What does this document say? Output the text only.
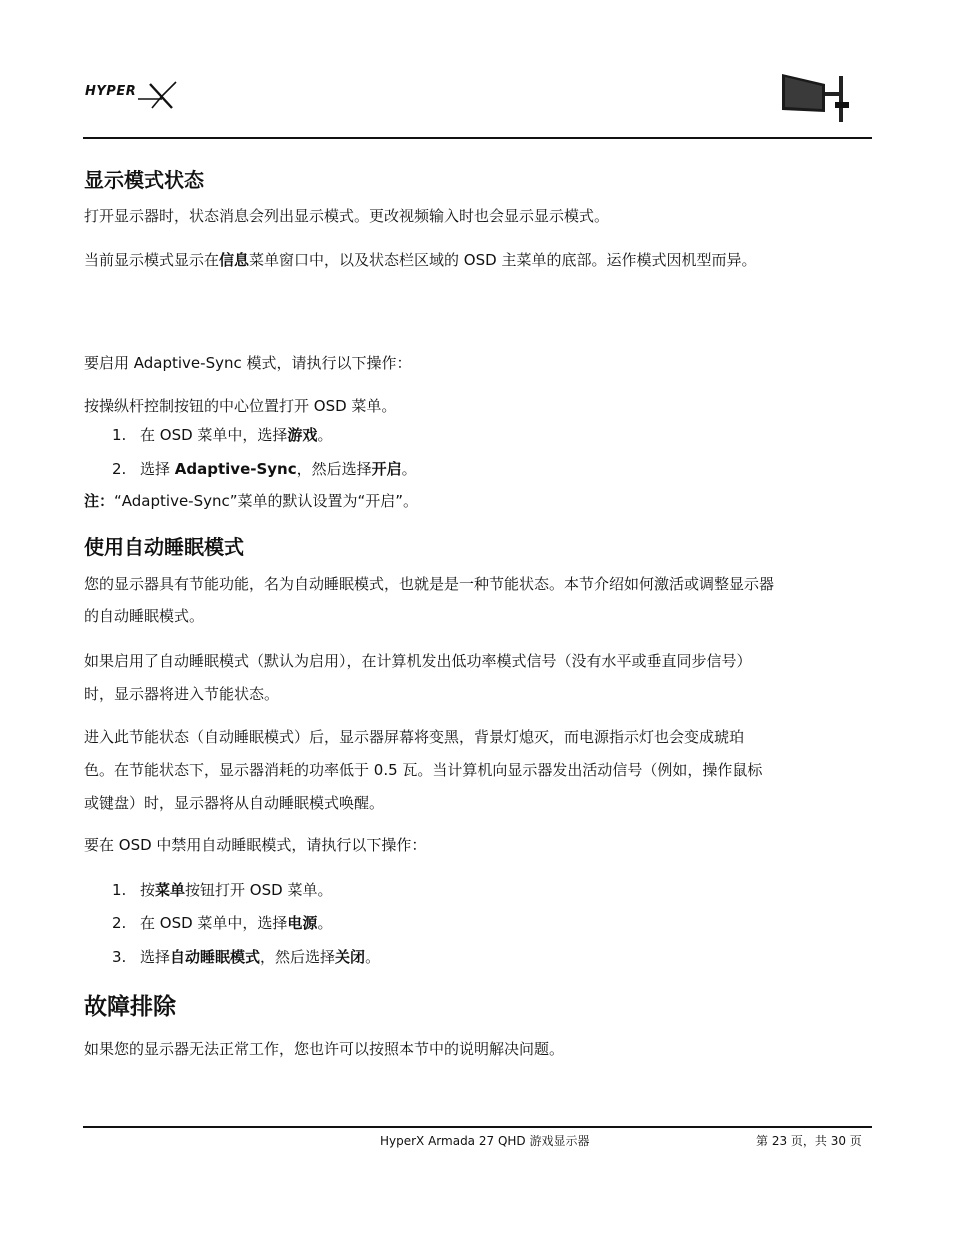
HYPER
显示模式状态
打开显示器时，状态消息会列出显示模式。更改视频输入时也会显示显示模式。
当前显示模式显示在信息菜单窗口中，以及状态栏区域的 OSD 主菜单的底部。运作模式因机型而异。
要启用 Adaptive-Sync 模式，请执行以下操作：
按操纵杆控制按钮的中心位置打开 OSD 菜单。
1. 在 OSD 菜单中，选择游戏。
2. 选择 Adaptive-Sync，然后选择开启。
注：“Adaptive-Sync”菜单的默认设置为“开启”。
使用自动睡眠模式
您的显示器具有节能功能，名为自动睡眠模式，也就是是一种节能状态。本节介绍如何激活或调整显示器
的自动睡眠模式。
如果启用了自动睡眠模式（默认为启用），在计算机发出低功率模式信号（没有水平或垂直同步信号）
时，显示器将进入节能状态。
进入此节能状态（自动睡眠模式）后，显示器屏幕将变黑，背景灯熄灭，而电源指示灯也会变成琥珀
色。在节能状态下，显示器消耗的功率低于 0.5 瓦。当计算机向显示器发出活动信号（例如，操作鼠标
或键盘）时，显示器将从自动睡眠模式唤醒。
要在 OSD 中禁用自动睡眠模式，请执行以下操作：
1. 按菜单按钮打开 OSD 菜单。
2. 在 OSD 菜单中，选择电源。
3. 选择自动睡眠模式，然后选择关闭。
故障排除
如果您的显示器无法正常工作，您也许可以按照本节中的说明解决问题。
HyperX Armada 27 QHD 游戏显示器	第 23 页，共 30 页
